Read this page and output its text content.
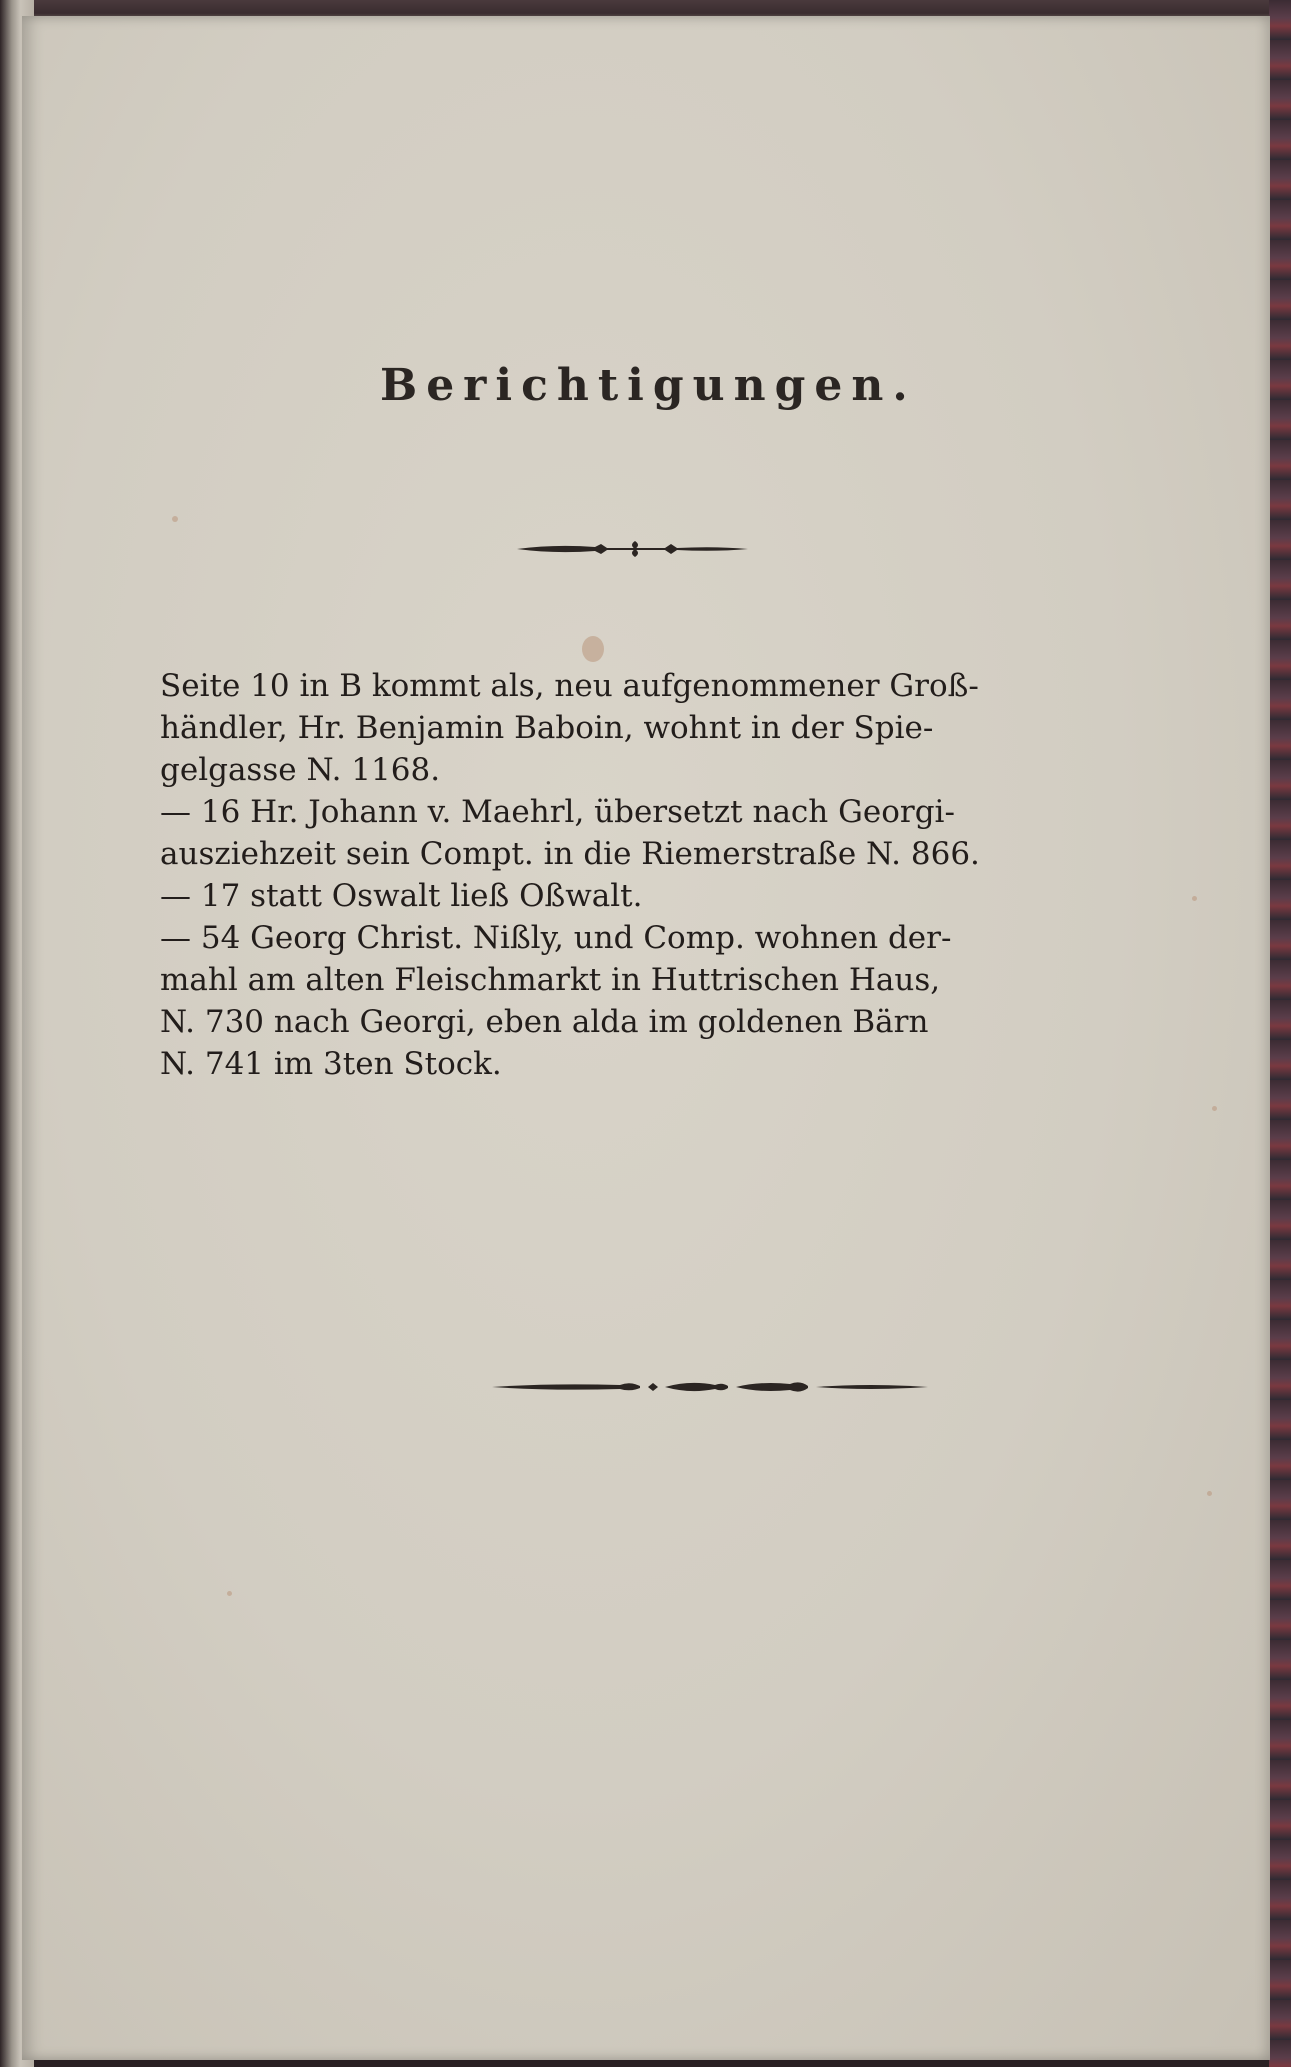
Berichtigungen.

Seite 10 in B kommt als, neu aufgenommener Groß-
händler, Hr. Benjamin Baboin, wohnt in der Spie-
gelgasse N. 1168.

— 16 Hr. Johann v. Maehrl, übersetzt nach Georgi-
ausziehzeit sein Compt. in die Riemerstraße N. 866.

— 17 statt Oswalt ließ Oßwalt.

— 54 Georg Christ. Nißly, und Comp. wohnen der-
mahl am alten Fleischmarkt in Huttrischen Haus,
N. 730 nach Georgi, eben alda im goldenen Bärn
N. 741 im 3ten Stock.
